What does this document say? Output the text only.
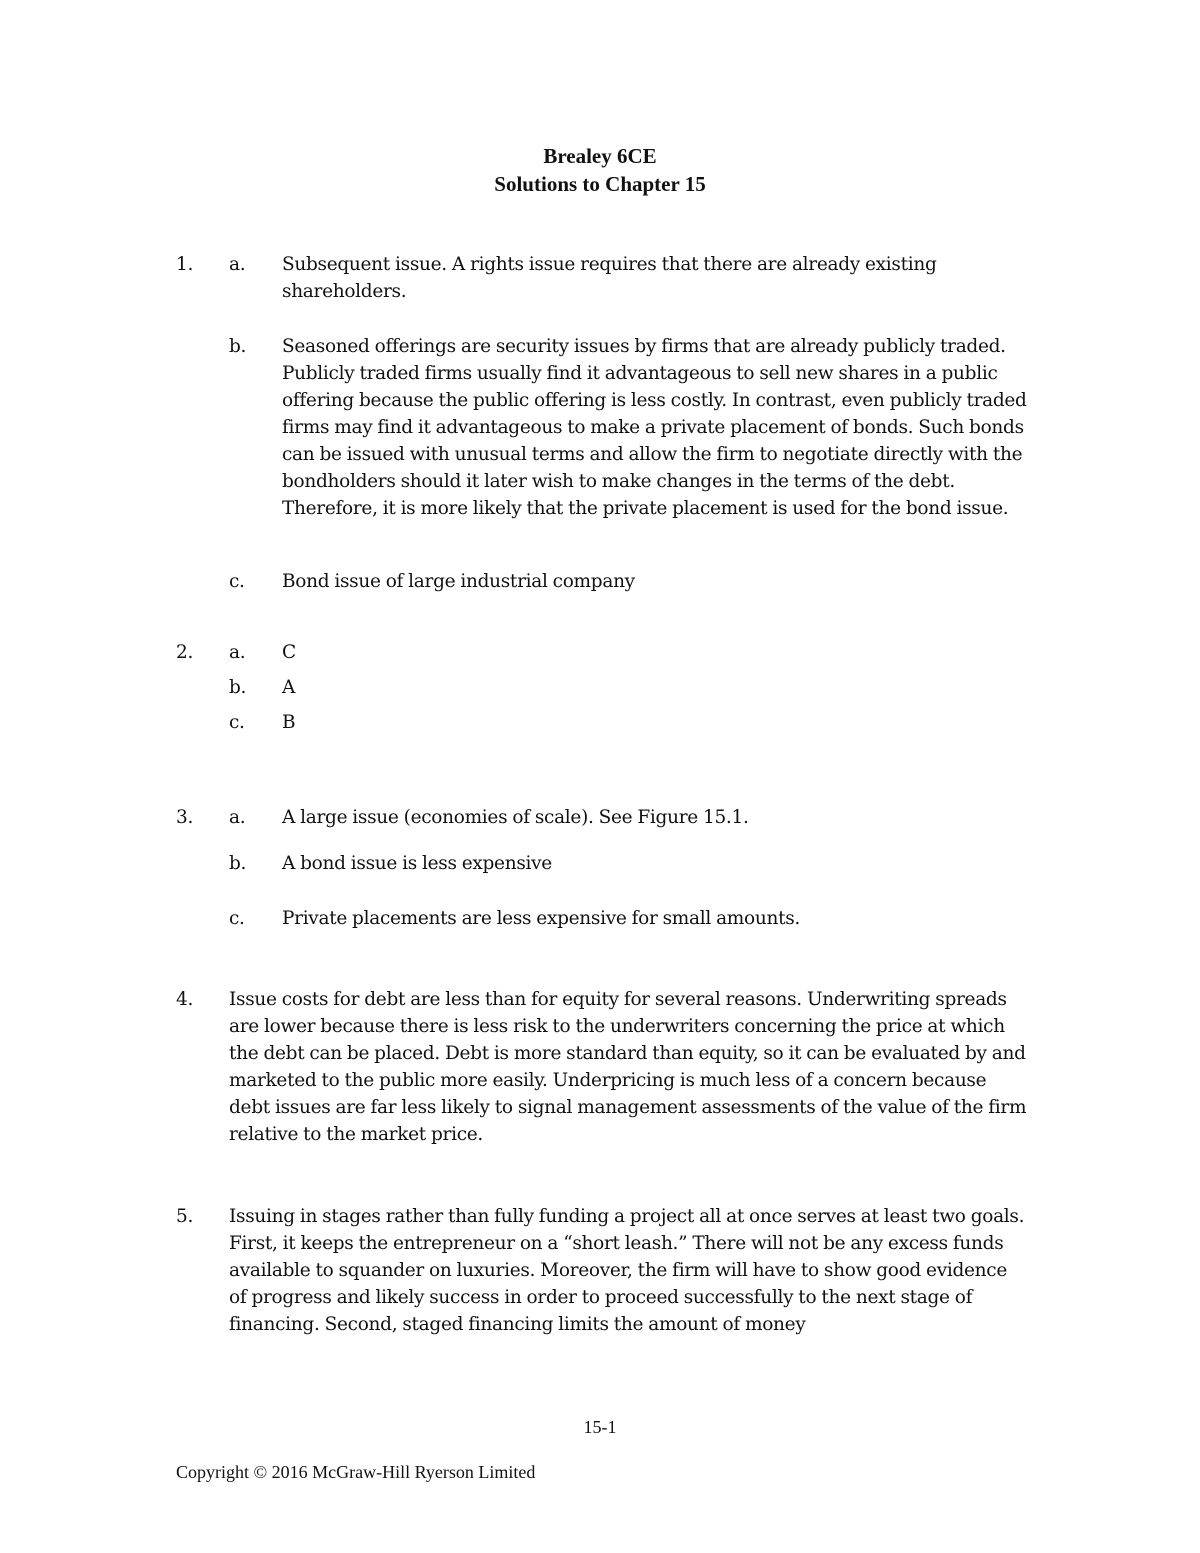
Brealey 6CE
Solutions to Chapter 15
1. a. Subsequent issue. A rights issue requires that there are already existing shareholders.
b. Seasoned offerings are security issues by firms that are already publicly traded. Publicly traded firms usually find it advantageous to sell new shares in a public offering because the public offering is less costly. In contrast, even publicly traded firms may find it advantageous to make a private placement of bonds. Such bonds can be issued with unusual terms and allow the firm to negotiate directly with the bondholders should it later wish to make changes in the terms of the debt. Therefore, it is more likely that the private placement is used for the bond issue.
c. Bond issue of large industrial company
2. a. C
b. A
c. B
3. a. A large issue (economies of scale). See Figure 15.1.
b. A bond issue is less expensive
c. Private placements are less expensive for small amounts.
4. Issue costs for debt are less than for equity for several reasons. Underwriting spreads are lower because there is less risk to the underwriters concerning the price at which the debt can be placed. Debt is more standard than equity, so it can be evaluated by and marketed to the public more easily. Underpricing is much less of a concern because debt issues are far less likely to signal management assessments of the value of the firm relative to the market price.
5. Issuing in stages rather than fully funding a project all at once serves at least two goals. First, it keeps the entrepreneur on a “short leash.” There will not be any excess funds available to squander on luxuries. Moreover, the firm will have to show good evidence of progress and likely success in order to proceed successfully to the next stage of financing. Second, staged financing limits the amount of money
15-1
Copyright © 2016 McGraw-Hill Ryerson Limited
